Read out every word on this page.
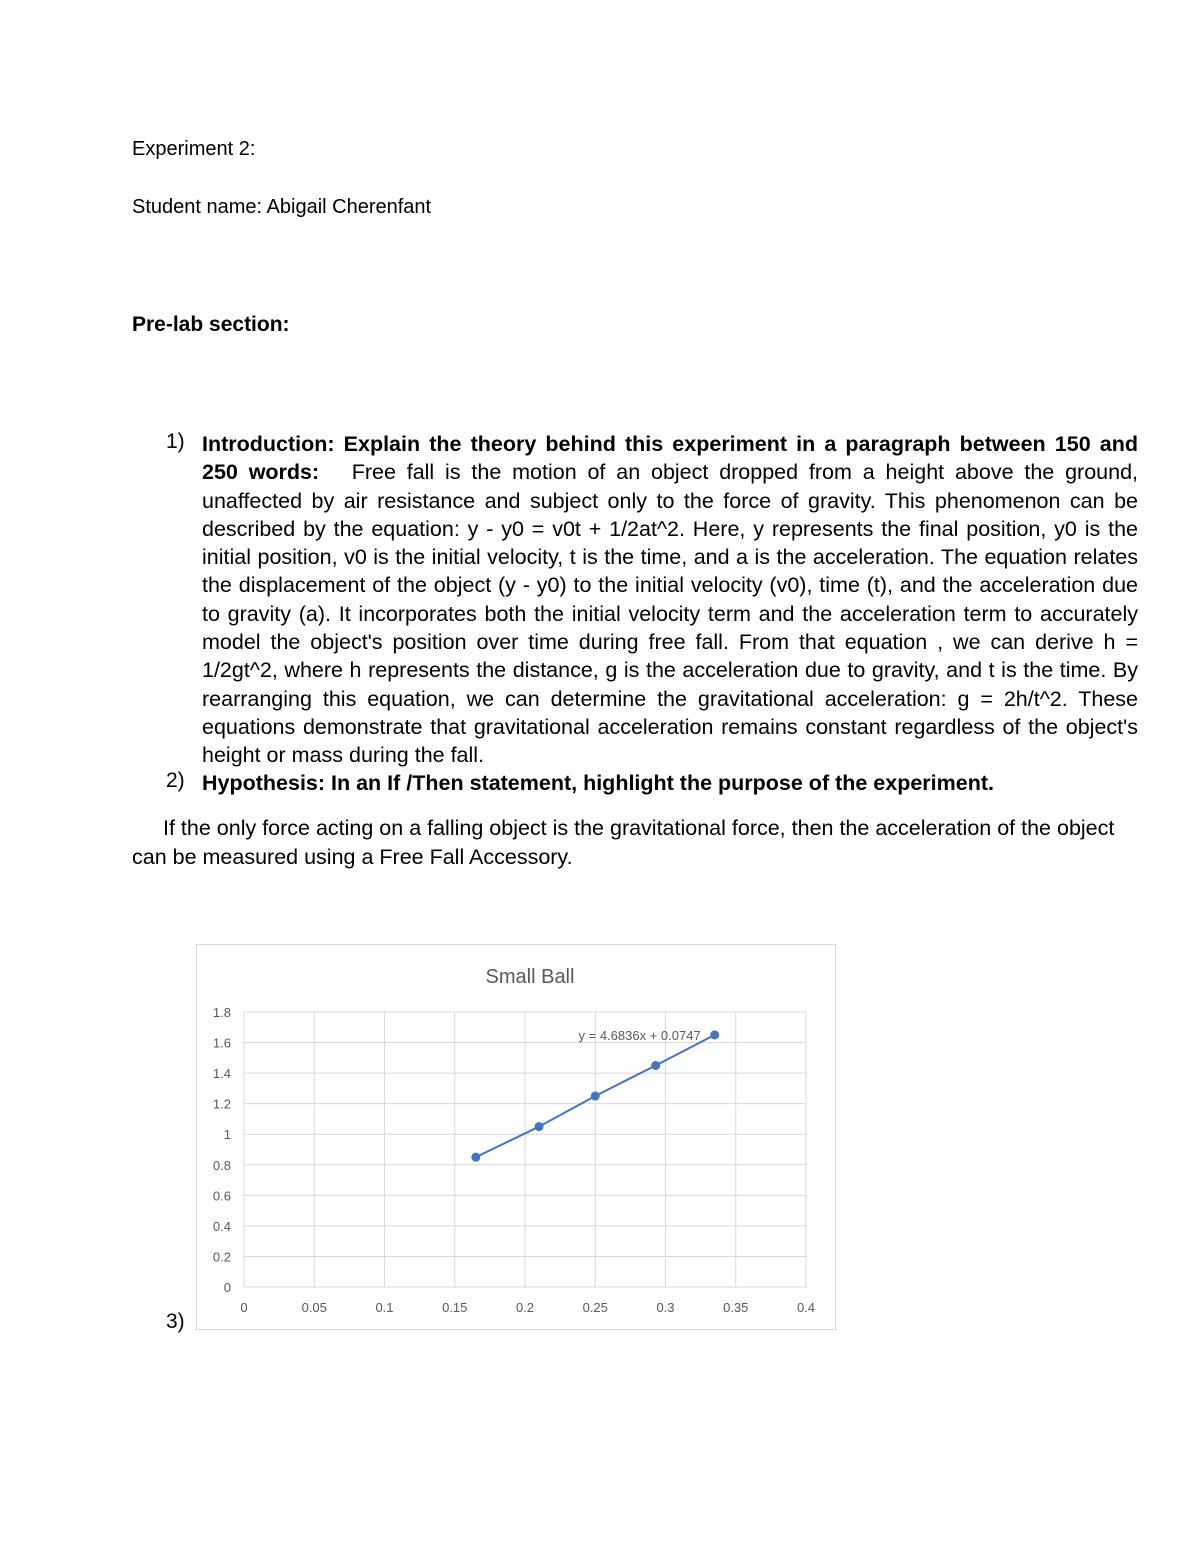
Experiment 2:
Student name: Abigail Cherenfant
Pre-lab section:
1) Introduction: Explain the theory behind this experiment in a paragraph between 150 and 250 words: Free fall is the motion of an object dropped from a height above the ground, unaffected by air resistance and subject only to the force of gravity. This phenomenon can be described by the equation: y - y0 = v0t + 1/2at^2. Here, y represents the final position, y0 is the initial position, v0 is the initial velocity, t is the time, and a is the acceleration. The equation relates the displacement of the object (y - y0) to the initial velocity (v0), time (t), and the acceleration due to gravity (a). It incorporates both the initial velocity term and the acceleration term to accurately model the object's position over time during free fall. From that equation , we can derive h = 1/2gt^2, where h represents the distance, g is the acceleration due to gravity, and t is the time. By rearranging this equation, we can determine the gravitational acceleration: g = 2h/t^2. These equations demonstrate that gravitational acceleration remains constant regardless of the object's height or mass during the fall.
2) Hypothesis: In an If /Then statement, highlight the purpose of the experiment.
If the only force acting on a falling object is the gravitational force, then the acceleration of the object can be measured using a Free Fall Accessory.
3)
Small Ball
0
0.2
0.4
0.6
0.8
1
1.2
1.4
1.6
1.8
0	0.05	0.1	0.15	0.2	0.25	0.3	0.35	0.4
y = 4.6836x + 0.0747
